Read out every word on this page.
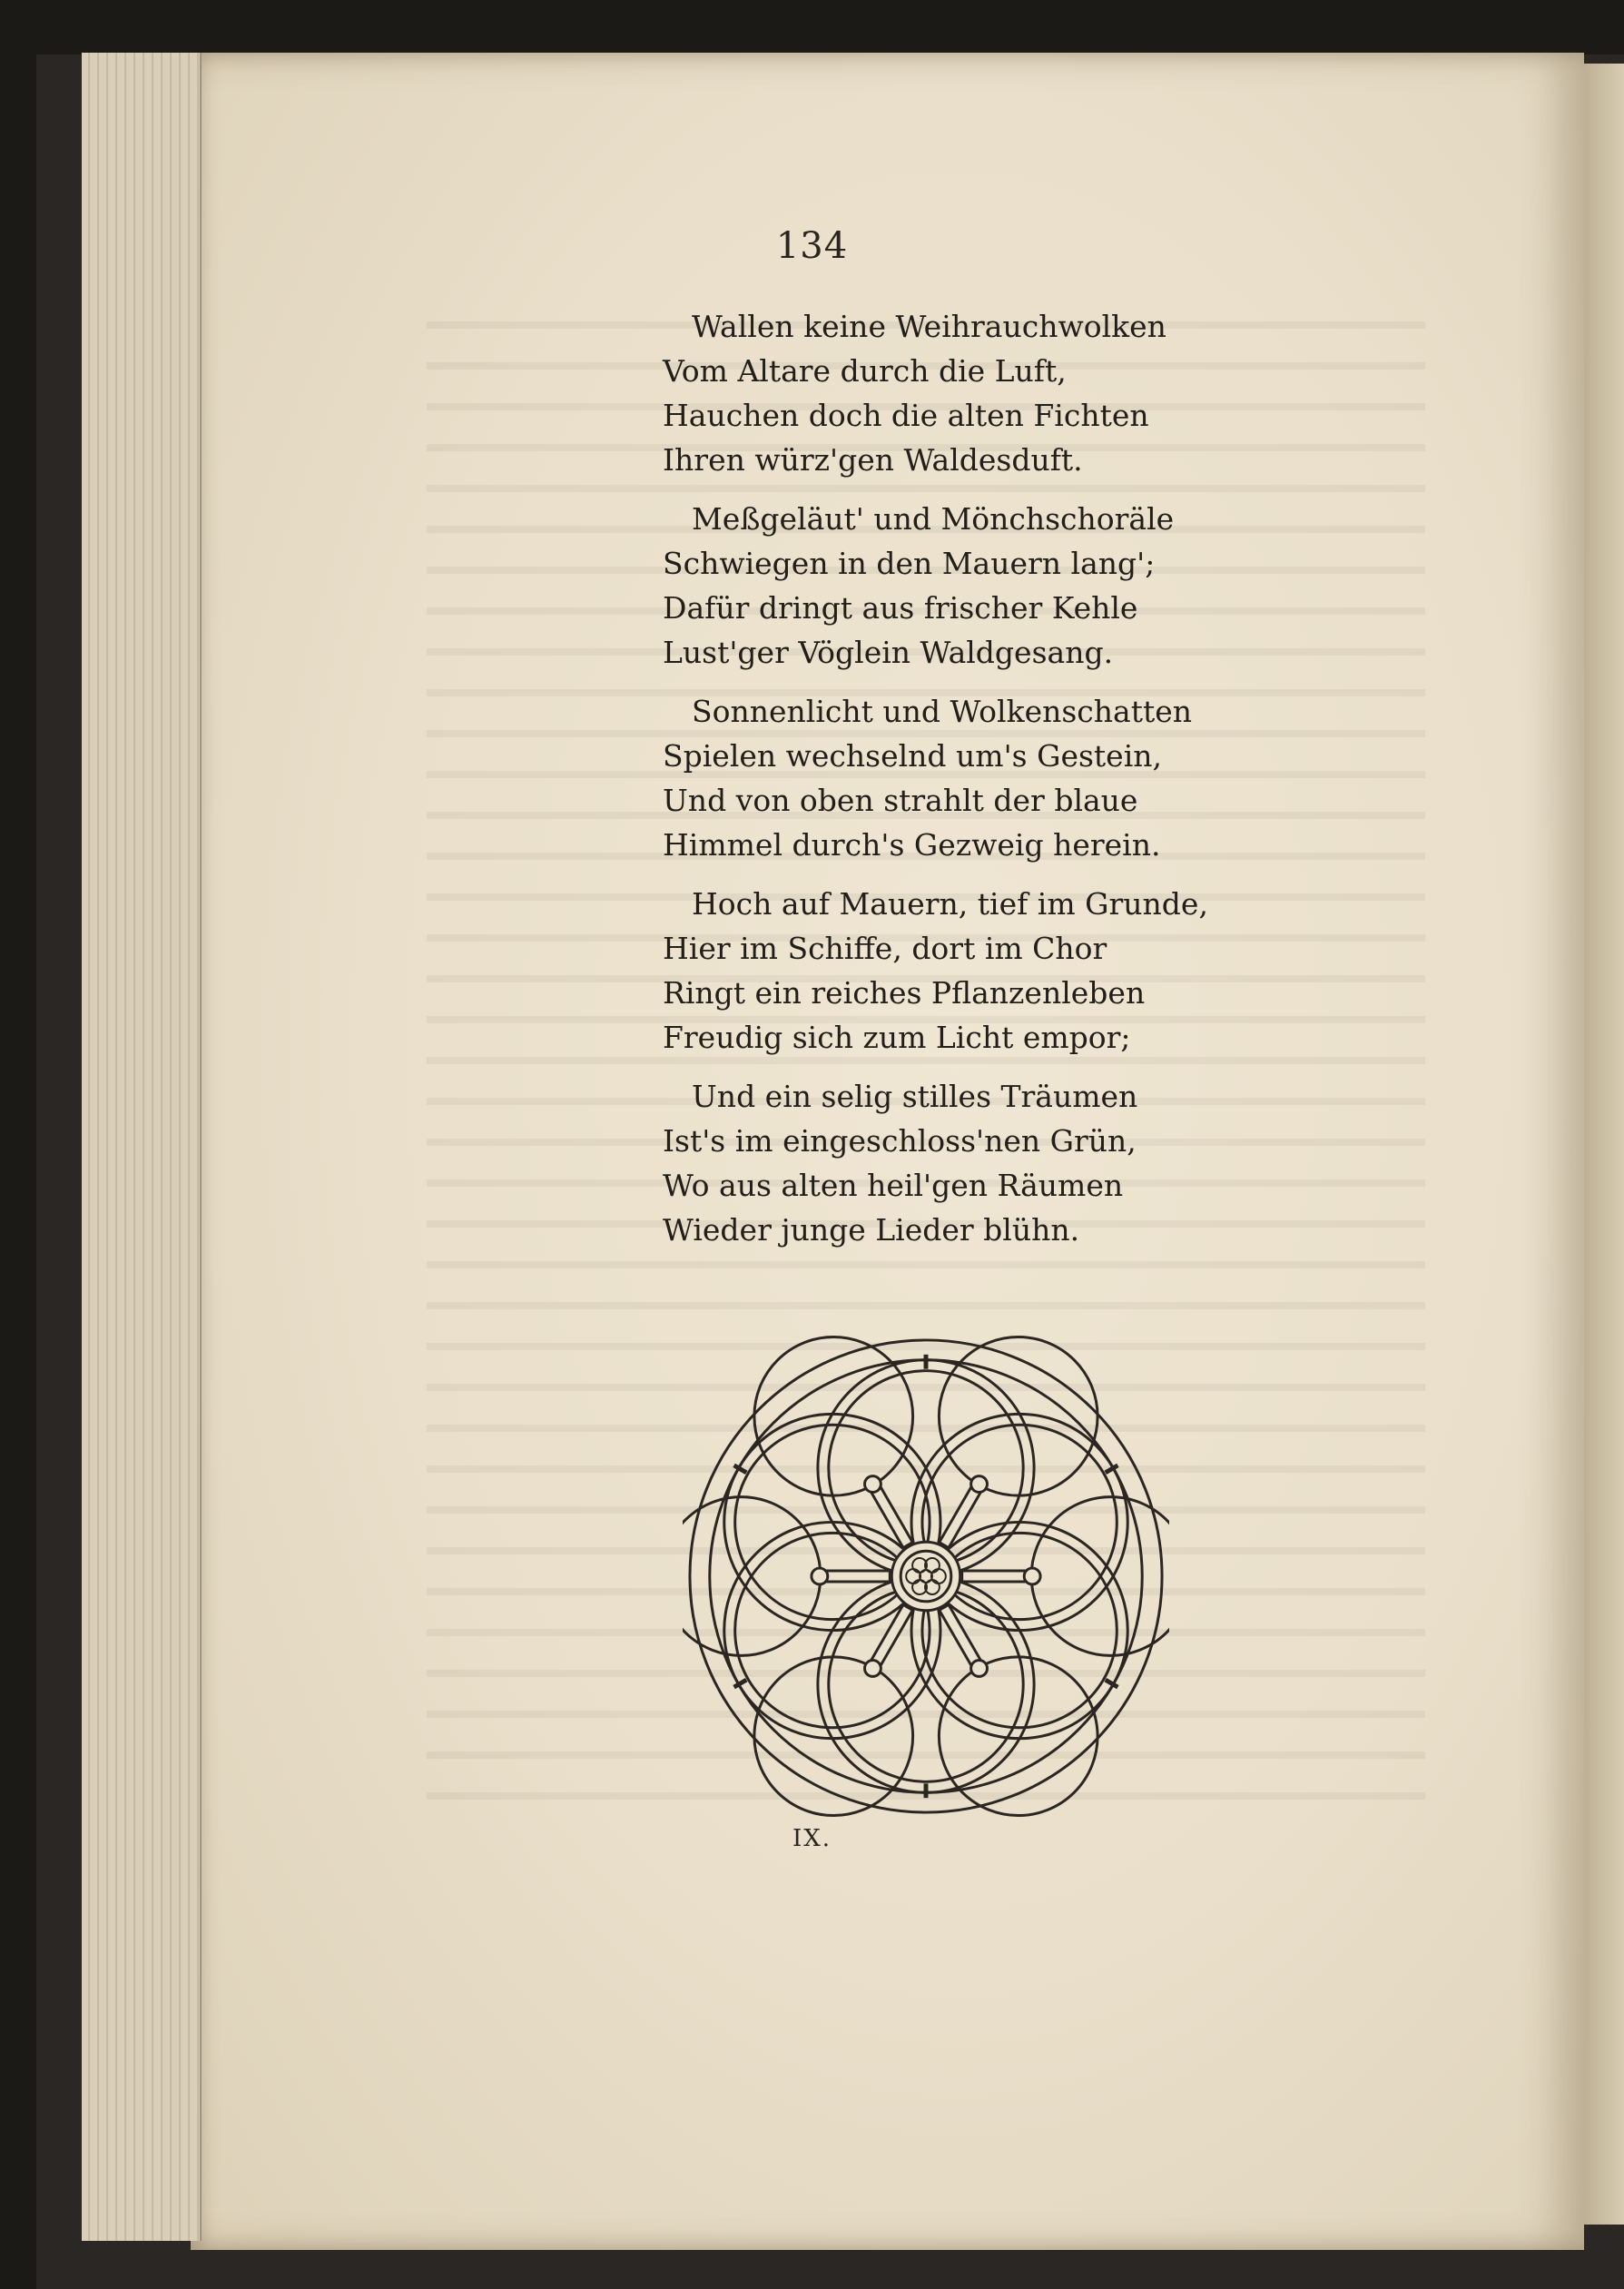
134
Wallen keine Weihrauchwolken
Vom Altare durch die Luft,
Hauchen doch die alten Fichten
Ihren würz'gen Waldesduft.
Meßgeläut' und Mönchschoräle
Schwiegen in den Mauern lang';
Dafür dringt aus frischer Kehle
Lust'ger Vöglein Waldgesang.
Sonnenlicht und Wolkenschatten
Spielen wechselnd um's Gestein,
Und von oben strahlt der blaue
Himmel durch's Gezweig herein.
Hoch auf Mauern, tief im Grunde,
Hier im Schiffe, dort im Chor
Ringt ein reiches Pflanzenleben
Freudig sich zum Licht empor;
Und ein selig stilles Träumen
Ist's im eingeschloss'nen Grün,
Wo aus alten heil'gen Räumen
Wieder junge Lieder blühn.
IX.
